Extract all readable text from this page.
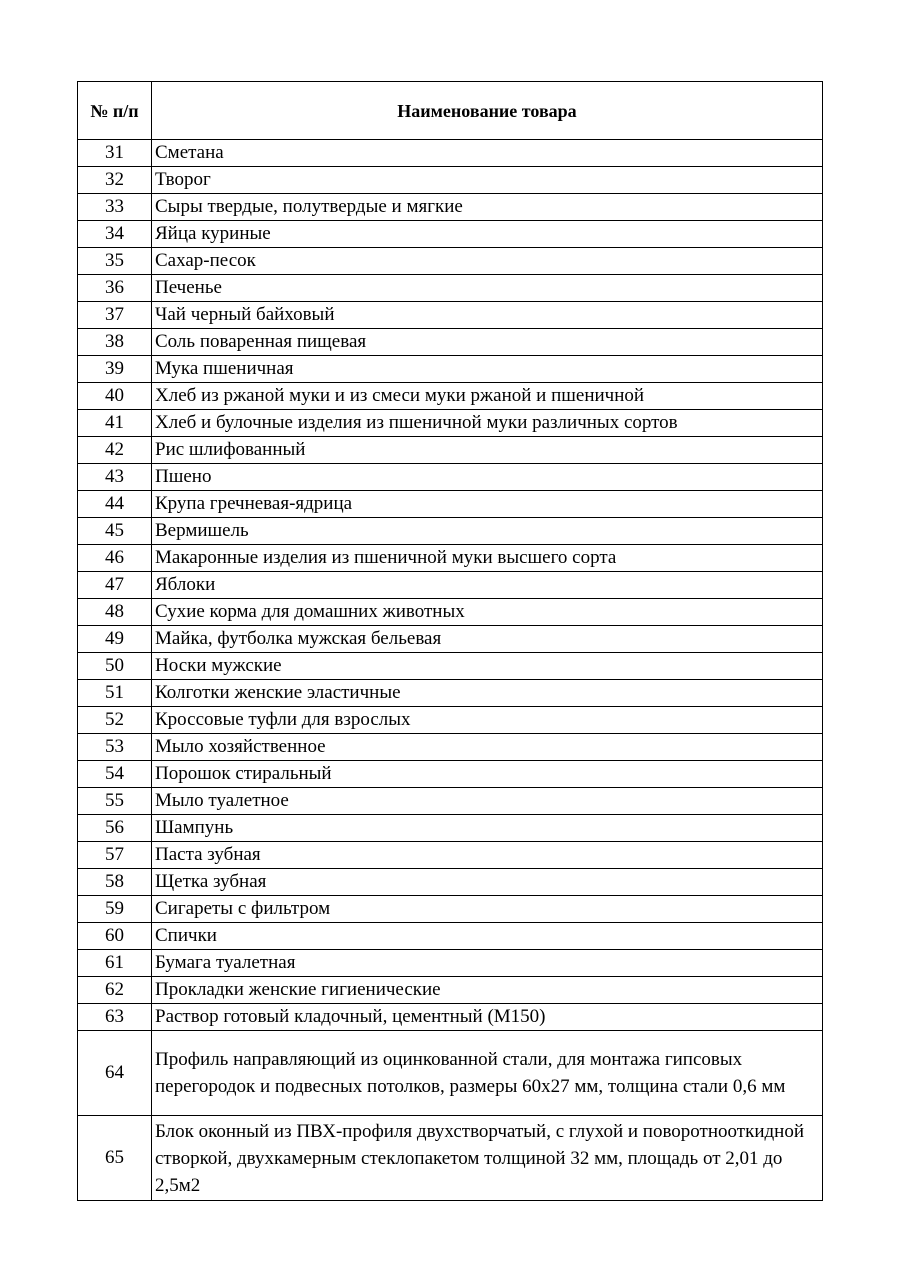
№ п/п	Наименование товара
31	Сметана
32	Творог
33	Сыры твердые, полутвердые и мягкие
34	Яйца куриные
35	Сахар-песок
36	Печенье
37	Чай черный байховый
38	Соль поваренная пищевая
39	Мука пшеничная
40	Хлеб из ржаной муки и из смеси муки ржаной и пшеничной
41	Хлеб и булочные изделия из пшеничной муки различных сортов
42	Рис шлифованный
43	Пшено
44	Крупа гречневая-ядрица
45	Вермишель
46	Макаронные изделия из пшеничной муки высшего сорта
47	Яблоки
48	Сухие корма для домашних животных
49	Майка, футболка мужская бельевая
50	Носки мужские
51	Колготки женские эластичные
52	Кроссовые туфли для взрослых
53	Мыло хозяйственное
54	Порошок стиральный
55	Мыло туалетное
56	Шампунь
57	Паста зубная
58	Щетка зубная
59	Сигареты с фильтром
60	Спички
61	Бумага туалетная
62	Прокладки женские гигиенические
63	Раствор готовый кладочный, цементный (М150)
64	Профиль направляющий из оцинкованной стали, для монтажа гипсовых перегородок и подвесных потолков, размеры 60х27 мм, толщина стали 0,6 мм
65	Блок оконный из ПВХ-профиля двухстворчатый, с глухой и поворотнооткидной створкой, двухкамерным стеклопакетом толщиной 32 мм, площадь от 2,01 до 2,5м2
